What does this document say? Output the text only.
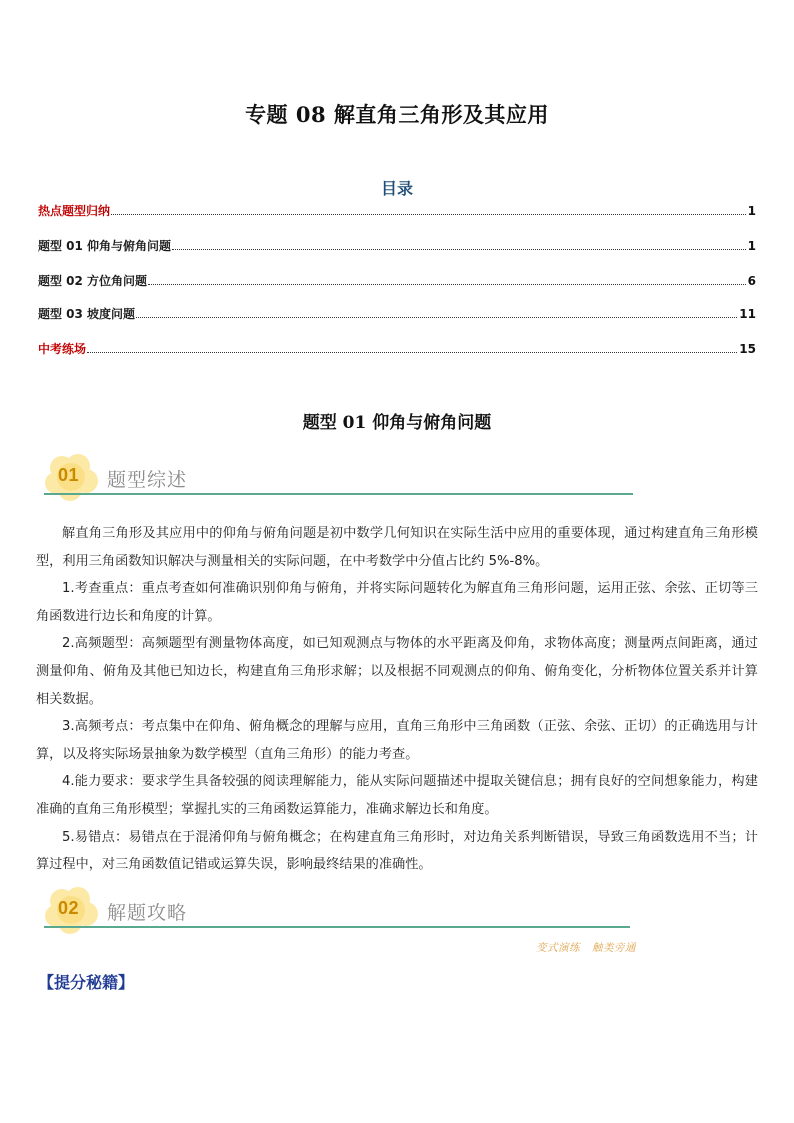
专题 08 解直角三角形及其应用
目录
热点题型归纳	1
题型 01 仰角与俯角问题	1
题型 02 方位角问题	6
题型 03 坡度问题	11
中考练场	15
题型 01 仰角与俯角问题
01 题型综述

解直角三角形及其应用中的仰角与俯角问题是初中数学几何知识在实际生活中应用的重要体现，通过构建直角三角形模型，利用三角函数知识解决与测量相关的实际问题，在中考数学中分值占比约 5%-8%。

1.考查重点：重点考查如何准确识别仰角与俯角，并将实际问题转化为解直角三角形问题，运用正弦、余弦、正切等三角函数进行边长和角度的计算。

2.高频题型：高频题型有测量物体高度，如已知观测点与物体的水平距离及仰角，求物体高度；测量两点间距离，通过测量仰角、俯角及其他已知边长，构建直角三角形求解；以及根据不同观测点的仰角、俯角变化，分析物体位置关系并计算相关数据。

3.高频考点：考点集中在仰角、俯角概念的理解与应用，直角三角形中三角函数（正弦、余弦、正切）的正确选用与计算，以及将实际场景抽象为数学模型（直角三角形）的能力考查。

4.能力要求：要求学生具备较强的阅读理解能力，能从实际问题描述中提取关键信息；拥有良好的空间想象能力，构建准确的直角三角形模型；掌握扎实的三角函数运算能力，准确求解边长和角度。

5.易错点：易错点在于混淆仰角与俯角概念；在构建直角三角形时，对边角关系判断错误，导致三角函数选用不当；计算过程中，对三角函数值记错或运算失误，影响最终结果的准确性。

02 解题攻略
变式演练 触类旁通
【提分秘籍】
